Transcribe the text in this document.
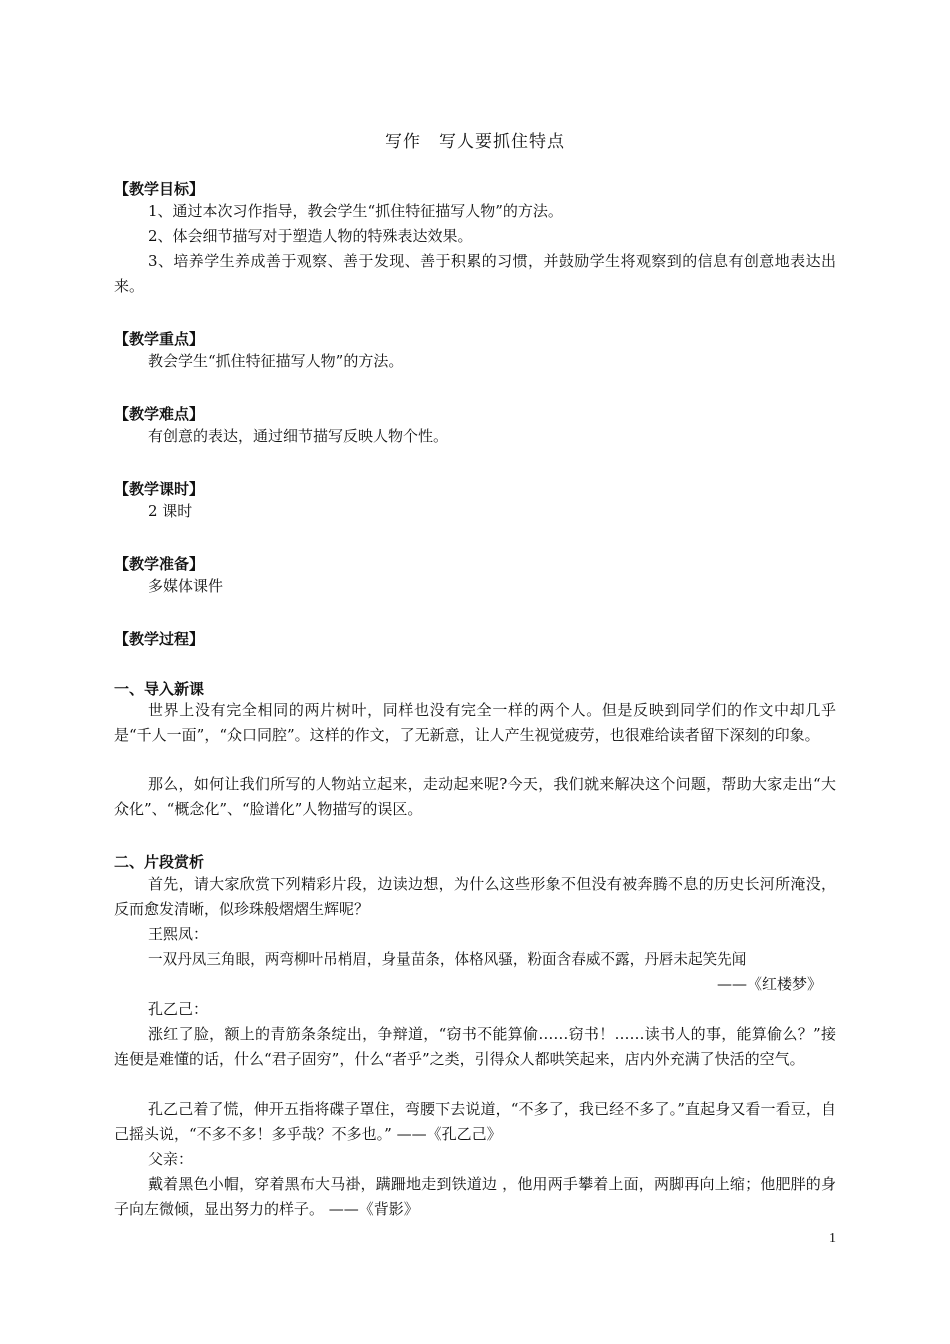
写作　写人要抓住特点
【教学目标】
1、通过本次习作指导，教会学生“抓住特征描写人物”的方法。
2、体会细节描写对于塑造人物的特殊表达效果。
3、培养学生养成善于观察、善于发现、善于积累的习惯，并鼓励学生将观察到的信息有创意地表达出来。
【教学重点】
教会学生“抓住特征描写人物”的方法。
【教学难点】
有创意的表达，通过细节描写反映人物个性。
【教学课时】
2 课时
【教学准备】
多媒体课件
【教学过程】
一、导入新课
世界上没有完全相同的两片树叶，同样也没有完全一样的两个人。但是反映到同学们的作文中却几乎是“千人一面”，“众口同腔”。这样的作文，了无新意，让人产生视觉疲劳，也很难给读者留下深刻的印象。
那么，如何让我们所写的人物站立起来，走动起来呢?今天，我们就来解决这个问题，帮助大家走出“大众化”、“概念化”、“脸谱化”人物描写的误区。
二、片段赏析
首先，请大家欣赏下列精彩片段，边读边想，为什么这些形象不但没有被奔腾不息的历史长河所淹没，反而愈发清晰，似珍珠般熠熠生辉呢？
王熙凤：
一双丹凤三角眼，两弯柳叶吊梢眉，身量苗条，体格风骚，粉面含春威不露，丹唇未起笑先闻
——《红楼梦》
孔乙己：
涨红了脸，额上的青筋条条绽出，争辩道，“窃书不能算偷……窃书！……读书人的事，能算偷么？”接连便是难懂的话，什么“君子固穷”，什么“者乎”之类，引得众人都哄笑起来，店内外充满了快活的空气。
孔乙己着了慌，伸开五指将碟子罩住，弯腰下去说道，“不多了，我已经不多了。”直起身又看一看豆，自己摇头说，“不多不多！多乎哉？不多也。” ——《孔乙己》
父亲：
戴着黑色小帽，穿着黑布大马褂，蹒跚地走到铁道边 ，他用两手攀着上面，两脚再向上缩；他肥胖的身子向左微倾，显出努力的样子。 ——《背影》
1
